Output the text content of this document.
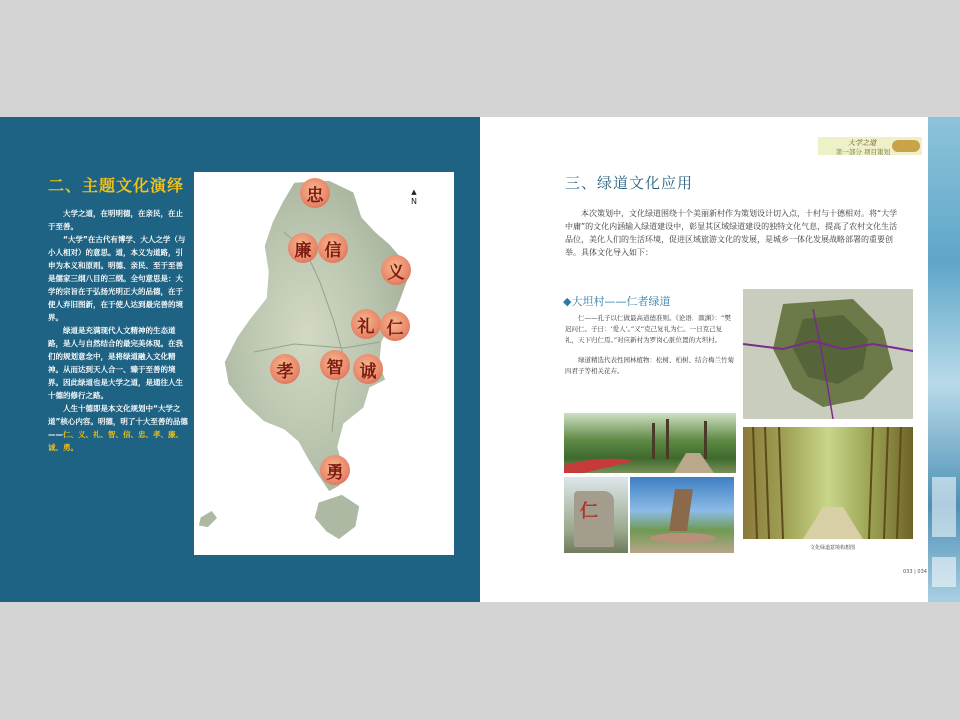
二、主题文化演绎

大学之道，在明明德，在亲民，在止于至善。

“大学”在古代有博学、大人之学（与小人相对）的意思。道，本义为道路，引申为本义和原则。明德、亲民、至于至善是儒家三纲八目的三纲。全句意思是：大学的宗旨在于弘扬光明正大的品德，在于使人弃旧图新，在于使人达到最完善的境界。

绿道是充满现代人文精神的生态道路，是人与自然结合的最完美体现。在我们的规划意念中，是将绿道融入文化精神。从而达到天人合一、臻于至善的境界。因此绿道也是大学之道，是通往人生十德的修行之路。

人生十德即是本文化规划中“大学之道”核心内容。明德，明了十大至善的品德——仁、义、礼、智、信、忠、孝、廉、诚、勇。

忠
廉 信
义
礼 仁
智
孝	诚
勇
▲
N
大学之道
第一部分 项目策划
三、绿道文化应用
本次策划中，文化绿道围绕十个美丽新村作为策划设计切入点，十村与十德相对。将“大学中庸”的文化内涵输入绿道建设中，彰显其区域绿道建设的独特文化气息，提高了农村文化生活品位，美化人们的生活环境，促进区域旅游文化的发展，是城乡一体化发展战略部署的重要创举。具体文化导入如下：
◆大坦村——仁者绿道

仁——孔子以仁做最高道德准则。《论语．颜渊》：“樊迟问仁。子曰：‘爱人’。”又“克己复礼为仁。一日克己复礼，天下归仁焉。”对应新村为罗岗心脏位置的大坦村。

绿道精选代表性园林植物：松树、柏树、结合梅兰竹菊四君子等相关花卉。

仁
文化绿道意境构想图
033 | 034
